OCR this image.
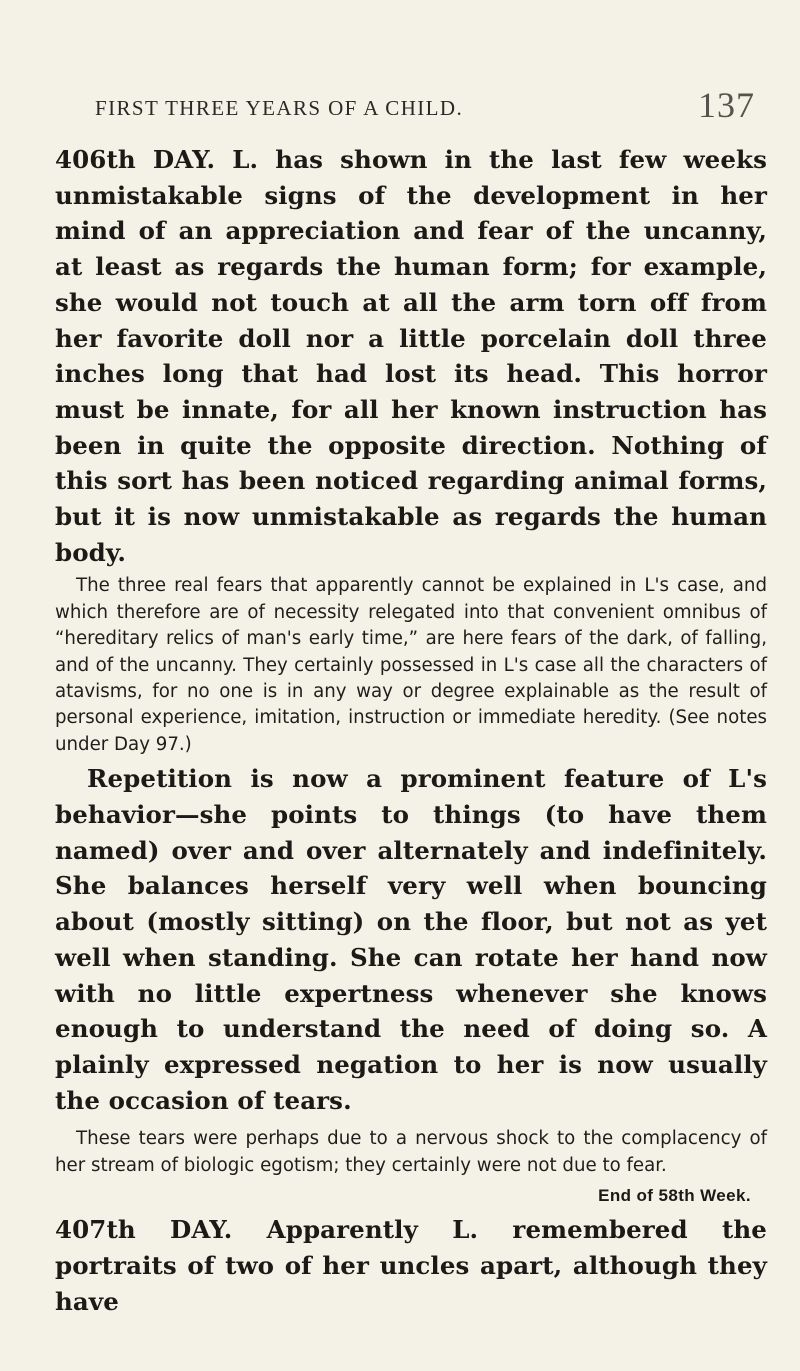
FIRST THREE YEARS OF A CHILD.	137

406th DAY. L. has shown in the last few weeks unmistakable signs of the development in her mind of an appreciation and fear of the uncanny, at least as regards the human form; for example, she would not touch at all the arm torn off from her favorite doll nor a little porcelain doll three inches long that had lost its head. This horror must be innate, for all her known instruction has been in quite the opposite direction. Nothing of this sort has been noticed regarding animal forms, but it is now unmistakable as regards the human body.

The three real fears that apparently cannot be explained in L's case, and which therefore are of necessity relegated into that convenient omnibus of “hereditary relics of man's early time,” are here fears of the dark, of falling, and of the uncanny. They certainly possessed in L's case all the characters of atavisms, for no one is in any way or degree explainable as the result of personal experience, imitation, instruction or immediate heredity. (See notes under Day 97.)

Repetition is now a prominent feature of L's behavior—she points to things (to have them named) over and over alternately and indefinitely. She balances herself very well when bouncing about (mostly sitting) on the floor, but not as yet well when standing. She can rotate her hand now with no little expertness whenever she knows enough to understand the need of doing so. A plainly expressed negation to her is now usually the occasion of tears.

These tears were perhaps due to a nervous shock to the complacency of her stream of biologic egotism; they certainly were not due to fear.

End of 58th Week.

407th DAY. Apparently L. remembered the portraits of two of her uncles apart, although they have
